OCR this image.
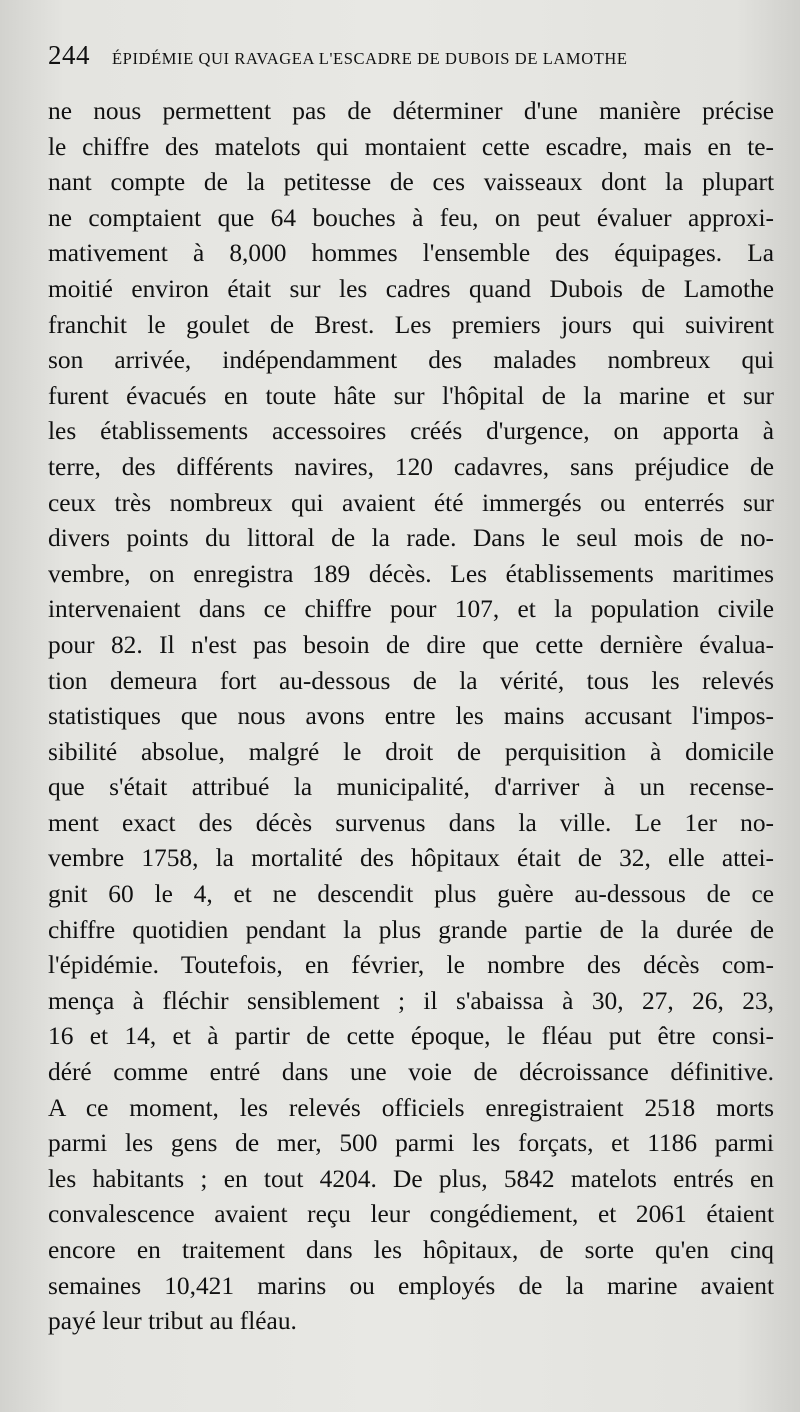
244 ÉPIDÉMIE QUI RAVAGEA L'ESCADRE DE DUBOIS DE LAMOTHE
ne nous permettent pas de déterminer d'une manière précise
le chiffre des matelots qui montaient cette escadre, mais en te-
nant compte de la petitesse de ces vaisseaux dont la plupart
ne comptaient que 64 bouches à feu, on peut évaluer approxi-
mativement à 8,000 hommes l'ensemble des équipages. La
moitié environ était sur les cadres quand Dubois de Lamothe
franchit le goulet de Brest. Les premiers jours qui suivirent
son arrivée, indépendamment des malades nombreux qui
furent évacués en toute hâte sur l'hôpital de la marine et sur
les établissements accessoires créés d'urgence, on apporta à
terre, des différents navires, 120 cadavres, sans préjudice de
ceux très nombreux qui avaient été immergés ou enterrés sur
divers points du littoral de la rade. Dans le seul mois de no-
vembre, on enregistra 189 décès. Les établissements maritimes
intervenaient dans ce chiffre pour 107, et la population civile
pour 82. Il n'est pas besoin de dire que cette dernière évalua-
tion demeura fort au-dessous de la vérité, tous les relevés
statistiques que nous avons entre les mains accusant l'impos-
sibilité absolue, malgré le droit de perquisition à domicile
que s'était attribué la municipalité, d'arriver à un recense-
ment exact des décès survenus dans la ville. Le 1er no-
vembre 1758, la mortalité des hôpitaux était de 32, elle attei-
gnit 60 le 4, et ne descendit plus guère au-dessous de ce
chiffre quotidien pendant la plus grande partie de la durée de
l'épidémie. Toutefois, en février, le nombre des décès com-
mença à fléchir sensiblement ; il s'abaissa à 30, 27, 26, 23,
16 et 14, et à partir de cette époque, le fléau put être consi-
déré comme entré dans une voie de décroissance définitive.
A ce moment, les relevés officiels enregistraient 2518 morts
parmi les gens de mer, 500 parmi les forçats, et 1186 parmi
les habitants ; en tout 4204. De plus, 5842 matelots entrés en
convalescence avaient reçu leur congédiement, et 2061 étaient
encore en traitement dans les hôpitaux, de sorte qu'en cinq
semaines 10,421 marins ou employés de la marine avaient
payé leur tribut au fléau.
